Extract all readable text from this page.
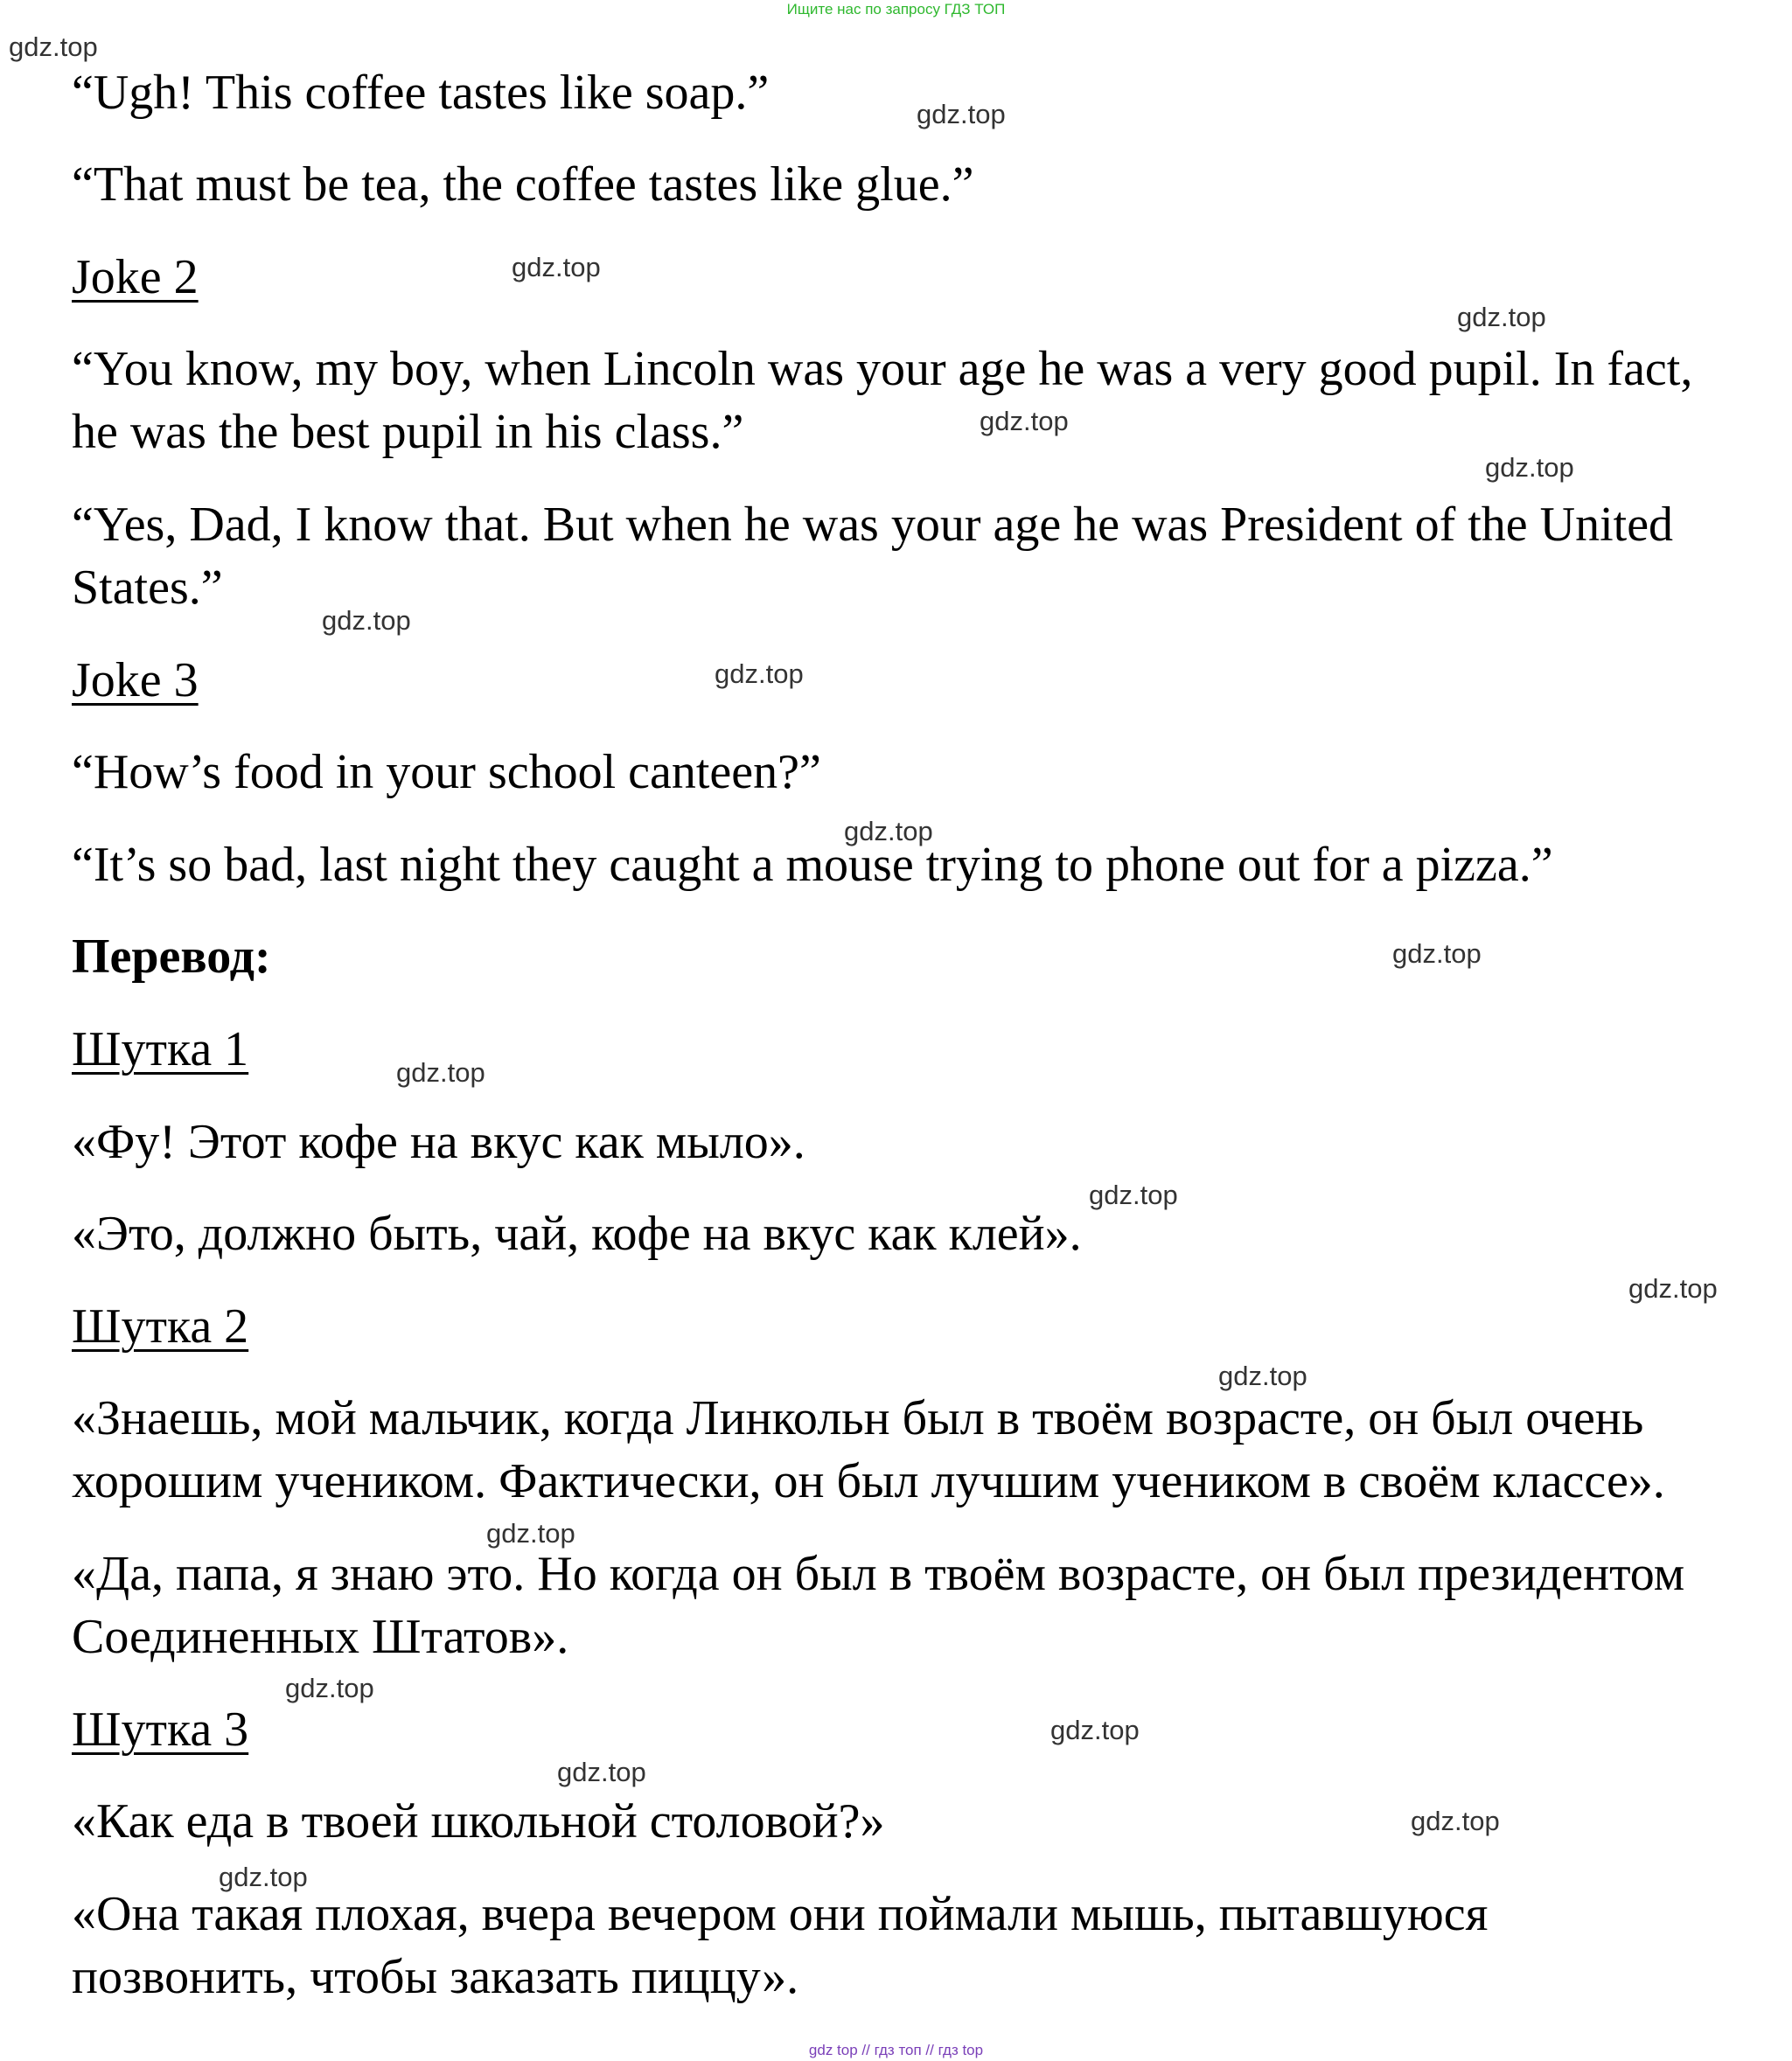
Ищите нас по запросу ГДЗ ТОП

“Ugh! This coffee tastes like soap.”

“That must be tea, the coffee tastes like glue.”

Joke 2

“You know, my boy, when Lincoln was your age he was a very good pupil. In fact,

he was the best pupil in his class.”

“Yes, Dad, I know that. But when he was your age he was President of the United

States.”

Joke 3

“How’s food in your school canteen?”

“It’s so bad, last night they caught a mouse trying to phone out for a pizza.”

Перевод:

Шутка 1

«Фу! Этот кофе на вкус как мыло».

«Это, должно быть, чай, кофе на вкус как клей».

Шутка 2

«Знаешь, мой мальчик, когда Линкольн был в твоём возрасте, он был очень

хорошим учеником. Фактически, он был лучшим учеником в своём классе».

«Да, папа, я знаю это. Но когда он был в твоём возрасте, он был президентом

Соединенных Штатов».

Шутка 3

«Как еда в твоей школьной столовой?»

«Она такая плохая, вчера вечером они поймали мышь, пытавшуюся

позвонить, чтобы заказать пиццу».

gdz.top
gdz.top
gdz.top
gdz.top
gdz.top
gdz.top
gdz.top
gdz.top
gdz.top
gdz.top
gdz.top
gdz.top
gdz.top
gdz.top
gdz.top
gdz.top
gdz.top
gdz.top
gdz.top
gdz.top
gdz top // гдз топ // гдз top
